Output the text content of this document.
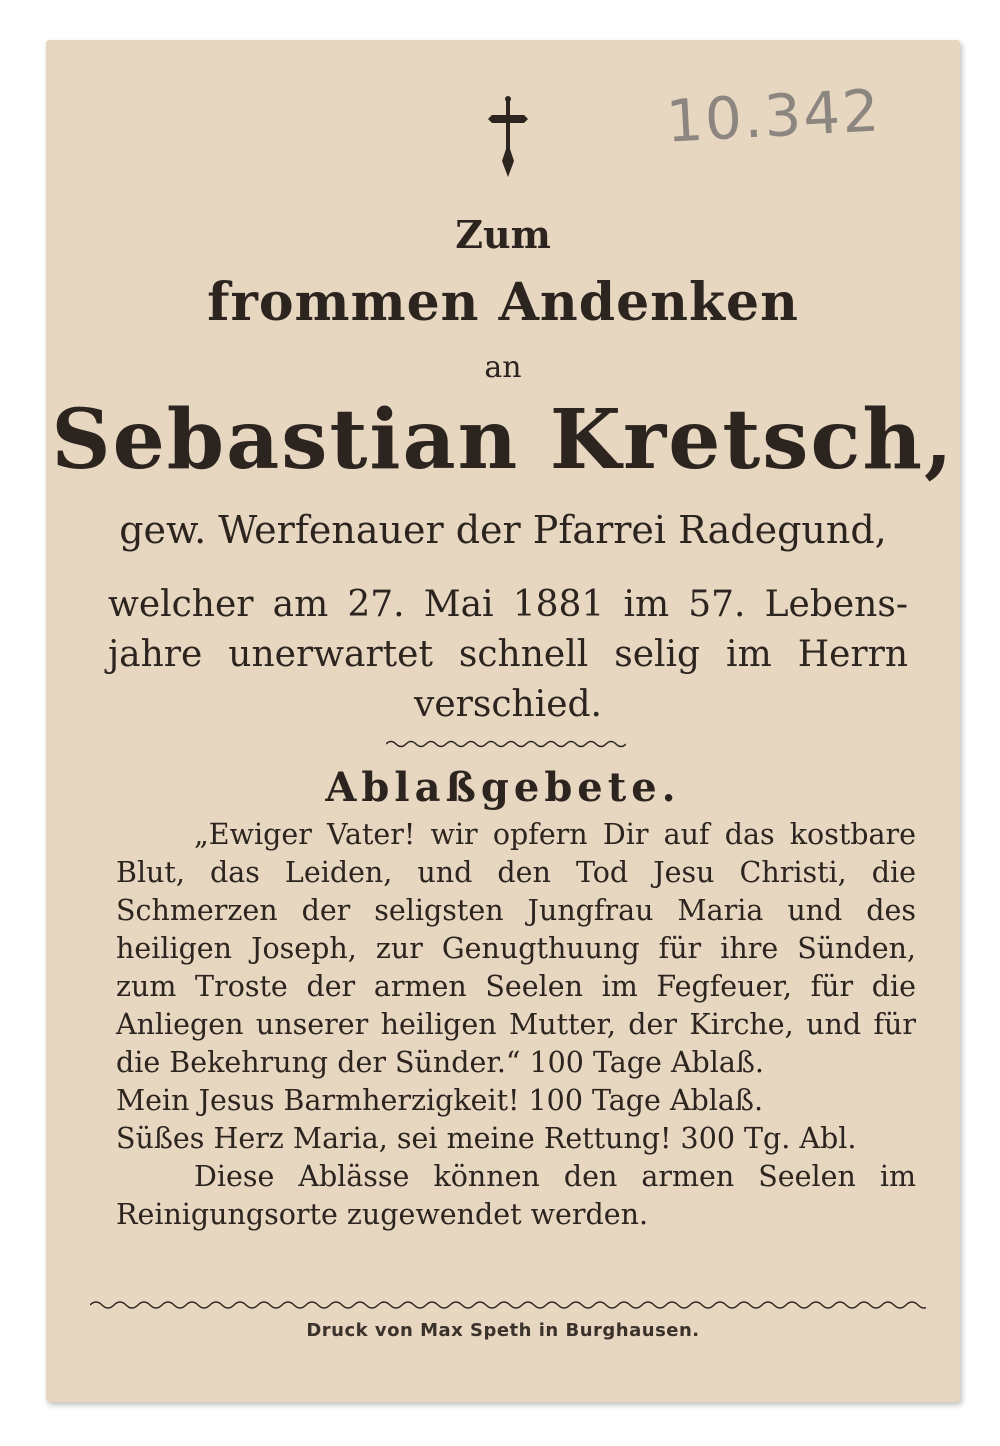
10.342
Zum
frommen Andenken
an
Sebastian Kretsch,
gew. Werfenauer der Pfarrei Radegund,
welcher am 27. Mai 1881 im 57. Lebens- jahre unerwartet schnell selig im Herrn verschied.
Ablaßgebete.

„Ewiger Vater! wir opfern Dir auf das kostbare Blut, das Leiden, und den Tod Jesu Christi, die Schmerzen der seligsten Jungfrau Maria und des heiligen Joseph, zur Genugthuung für ihre Sünden, zum Troste der armen Seelen im Fegfeuer, für die Anliegen unserer heiligen Mutter, der Kirche, und für die Bekehrung der Sünder.“ 100 Tage Ablaß.

Mein Jesus Barmherzigkeit! 100 Tage Ablaß.

Süßes Herz Maria, sei meine Rettung! 300 Tg. Abl.

Diese Ablässe können den armen Seelen im Reinigungsorte zugewendet werden.

Druck von Max Speth in Burghausen.
